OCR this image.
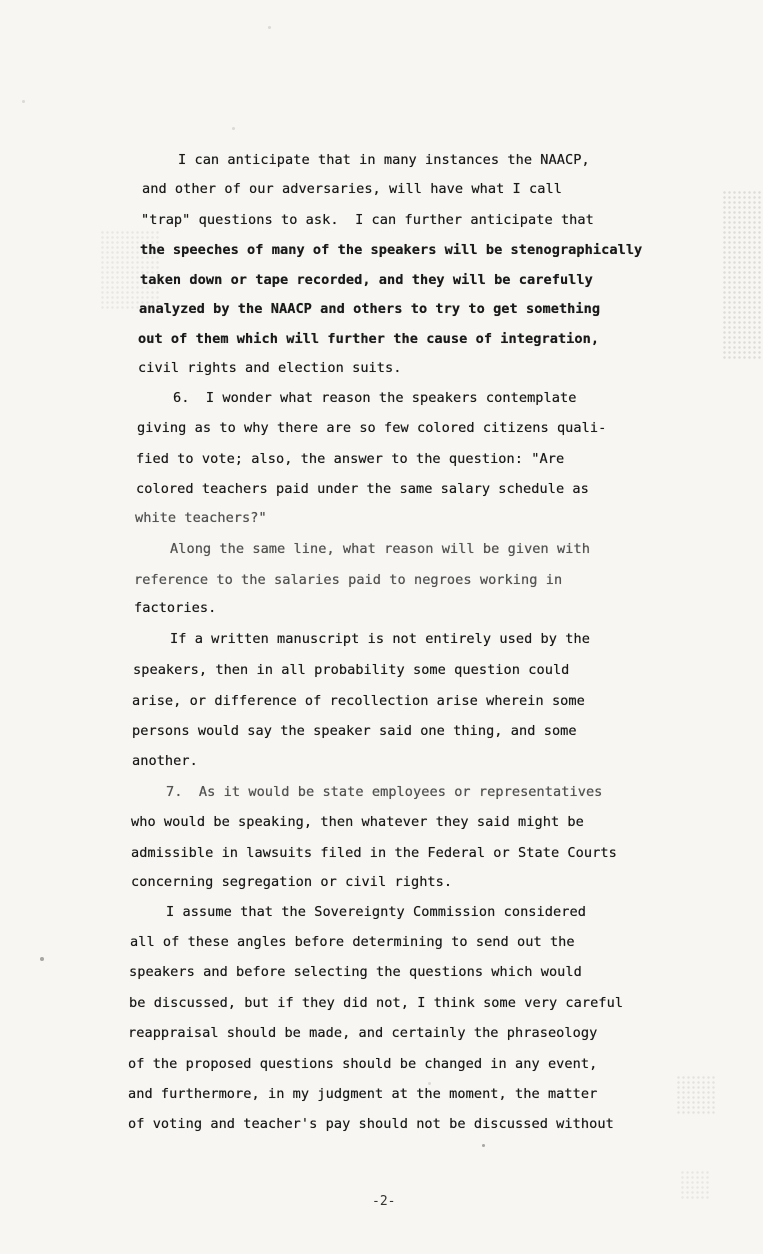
I can anticipate that in many instances the NAACP,
and other of our adversaries, will have what I call
"trap" questions to ask.  I can further anticipate that
the speeches of many of the speakers will be stenographically
taken down or tape recorded, and they will be carefully
analyzed by the NAACP and others to try to get something
out of them which will further the cause of integration,
civil rights and election suits.
6.  I wonder what reason the speakers contemplate
giving as to why there are so few colored citizens quali-
fied to vote; also, the answer to the question: "Are
colored teachers paid under the same salary schedule as
white teachers?"
Along the same line, what reason will be given with
reference to the salaries paid to negroes working in
factories.
If a written manuscript is not entirely used by the
speakers, then in all probability some question could
arise, or difference of recollection arise wherein some
persons would say the speaker said one thing, and some
another.
7.  As it would be state employees or representatives
who would be speaking, then whatever they said might be
admissible in lawsuits filed in the Federal or State Courts
concerning segregation or civil rights.
I assume that the Sovereignty Commission considered
all of these angles before determining to send out the
speakers and before selecting the questions which would
be discussed, but if they did not, I think some very careful
reappraisal should be made, and certainly the phraseology
of the proposed questions should be changed in any event,
and furthermore, in my judgment at the moment, the matter
of voting and teacher's pay should not be discussed without
-2-
